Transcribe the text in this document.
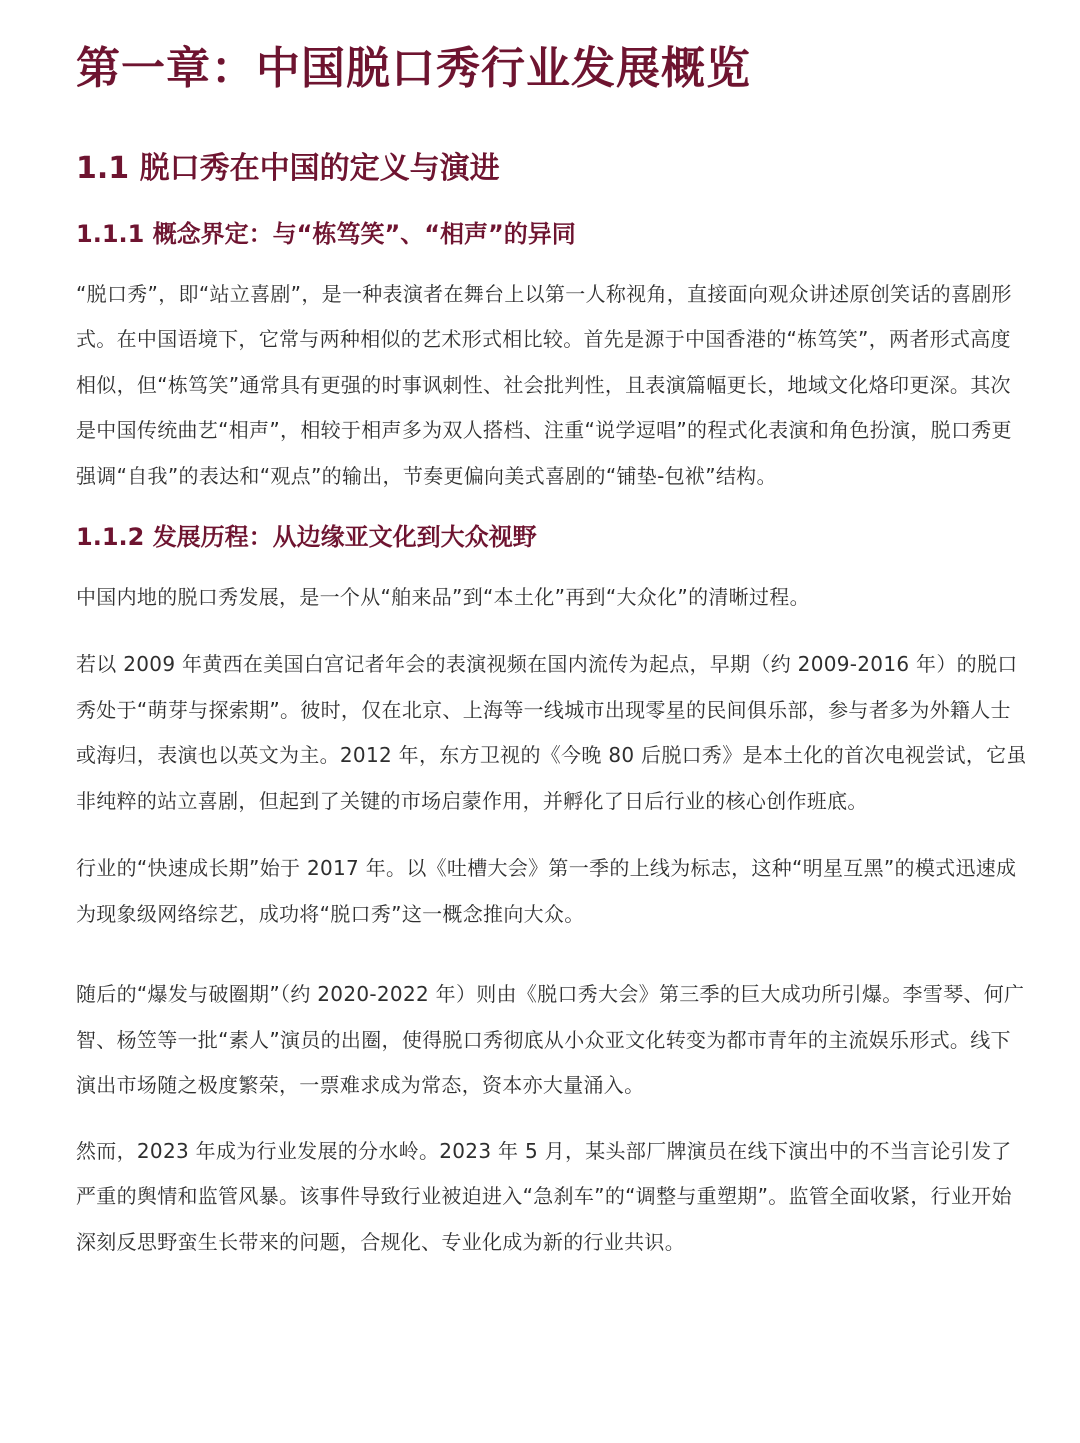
第一章：中国脱口秀行业发展概览
1.1 脱口秀在中国的定义与演进
1.1.1 概念界定：与“栋笃笑”、“相声”的异同

“脱口秀”，即“站立喜剧”，是一种表演者在舞台上以第一人称视角，直接面向观众讲述原创笑话的喜剧形式。在中国语境下，它常与两种相似的艺术形式相比较。首先是源于中国香港的“栋笃笑”，两者形式高度相似，但“栋笃笑”通常具有更强的时事讽刺性、社会批判性，且表演篇幅更长，地域文化烙印更深。其次是中国传统曲艺“相声”，相较于相声多为双人搭档、注重“说学逗唱”的程式化表演和角色扮演，脱口秀更强调“自我”的表达和“观点”的输出，节奏更偏向美式喜剧的“铺垫-包袱”结构。

1.1.2 发展历程：从边缘亚文化到大众视野

中国内地的脱口秀发展，是一个从“舶来品”到“本土化”再到“大众化”的清晰过程。

若以 2009 年黄西在美国白宫记者年会的表演视频在国内流传为起点，早期（约 2009-2016 年）的脱口秀处于“萌芽与探索期”。彼时，仅在北京、上海等一线城市出现零星的民间俱乐部，参与者多为外籍人士或海归，表演也以英文为主。2012 年，东方卫视的《今晚 80 后脱口秀》是本土化的首次电视尝试，它虽非纯粹的站立喜剧，但起到了关键的市场启蒙作用，并孵化了日后行业的核心创作班底。

行业的“快速成长期”始于 2017 年。以《吐槽大会》第一季的上线为标志，这种“明星互黑”的模式迅速成为现象级网络综艺，成功将“脱口秀”这一概念推向大众。

随后的“爆发与破圈期”（约 2020-2022 年）则由《脱口秀大会》第三季的巨大成功所引爆。李雪琴、何广智、杨笠等一批“素人”演员的出圈，使得脱口秀彻底从小众亚文化转变为都市青年的主流娱乐形式。线下演出市场随之极度繁荣，一票难求成为常态，资本亦大量涌入。

然而，2023 年成为行业发展的分水岭。2023 年 5 月，某头部厂牌演员在线下演出中的不当言论引发了严重的舆情和监管风暴。该事件导致行业被迫进入“急刹车”的“调整与重塑期”。监管全面收紧，行业开始深刻反思野蛮生长带来的问题，合规化、专业化成为新的行业共识。
